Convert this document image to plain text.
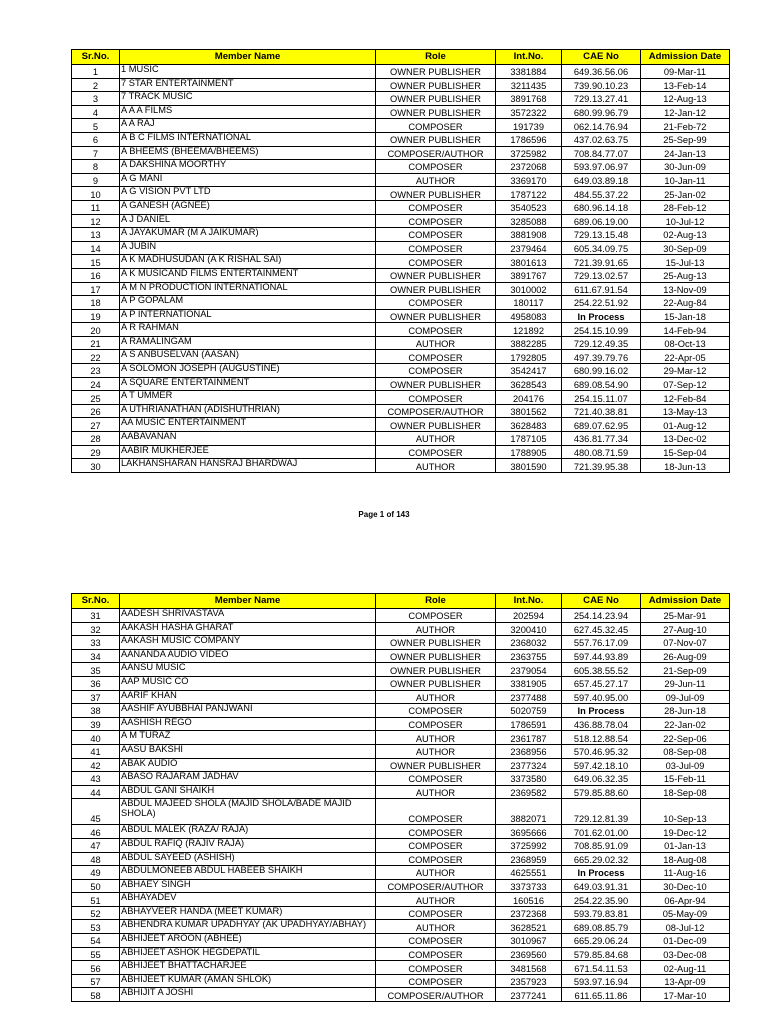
Sr.No.	Member Name	Role	Int.No.	CAE No	Admission Date
1	1 MUSIC	OWNER PUBLISHER	3381884	649.36.56.06	09-Mar-11
2	7 STAR ENTERTAINMENT	OWNER PUBLISHER	3211435	739.90.10.23	13-Feb-14
3	7 TRACK MUSIC	OWNER PUBLISHER	3891768	729.13.27.41	12-Aug-13
4	A A A FILMS	OWNER PUBLISHER	3572322	680.99.96.79	12-Jan-12
5	A A RAJ	COMPOSER	191739	062.14.76.94	21-Feb-72
6	A B C FILMS INTERNATIONAL	OWNER PUBLISHER	1786596	437.02.63.75	25-Sep-99
7	A BHEEMS (BHEEMA/BHEEMS)	COMPOSER/AUTHOR	3725982	708.84.77.07	24-Jan-13
8	A DAKSHINA MOORTHY	COMPOSER	2372068	593.97.06.97	30-Jun-09
9	A G MANI	AUTHOR	3369170	649.03.89.18	10-Jan-11
10	A G VISION PVT LTD	OWNER PUBLISHER	1787122	484.55.37.22	25-Jan-02
11	A GANESH (AGNEE)	COMPOSER	3540523	680.96.14.18	28-Feb-12
12	A J DANIEL	COMPOSER	3285088	689.06.19.00	10-Jul-12
13	A JAYAKUMAR (M A JAIKUMAR)	COMPOSER	3881908	729.13.15.48	02-Aug-13
14	A JUBIN	COMPOSER	2379464	605.34.09.75	30-Sep-09
15	A K MADHUSUDAN (A K RISHAL SAI)	COMPOSER	3801613	721.39.91.65	15-Jul-13
16	A K MUSICAND FILMS ENTERTAINMENT	OWNER PUBLISHER	3891767	729.13.02.57	25-Aug-13
17	A M N PRODUCTION INTERNATIONAL	OWNER PUBLISHER	3010002	611.67.91.54	13-Nov-09
18	A P GOPALAM	COMPOSER	180117	254.22.51.92	22-Aug-84
19	A P INTERNATIONAL	OWNER PUBLISHER	4958083	In Process	15-Jan-18
20	A R RAHMAN	COMPOSER	121892	254.15.10.99	14-Feb-94
21	A RAMALINGAM	AUTHOR	3882285	729.12.49.35	08-Oct-13
22	A S ANBUSELVAN (AASAN)	COMPOSER	1792805	497.39.79.76	22-Apr-05
23	A SOLOMON JOSEPH (AUGUSTINE)	COMPOSER	3542417	680.99.16.02	29-Mar-12
24	A SQUARE ENTERTAINMENT	OWNER PUBLISHER	3628543	689.08.54.90	07-Sep-12
25	A T UMMER	COMPOSER	204176	254.15.11.07	12-Feb-84
26	A UTHRIANATHAN (ADISHUTHRIAN)	COMPOSER/AUTHOR	3801562	721.40.38.81	13-May-13
27	AA MUSIC ENTERTAINMENT	OWNER PUBLISHER	3628483	689.07.62.95	01-Aug-12
28	AABAVANAN	AUTHOR	1787105	436.81.77.34	13-Dec-02
29	AABIR MUKHERJEE	COMPOSER	1788905	480.08.71.59	15-Sep-04
30	LAKHANSHARAN HANSRAJ BHARDWAJ	AUTHOR	3801590	721.39.95.38	18-Jun-13
Page 1 of 143
Sr.No.	Member Name	Role	Int.No.	CAE No	Admission Date
31	AADESH SHRIVASTAVA	COMPOSER	202594	254.14.23.94	25-Mar-91
32	AAKASH HASHA GHARAT	AUTHOR	3200410	627.45.32.45	27-Aug-10
33	AAKASH MUSIC COMPANY	OWNER PUBLISHER	2368032	557.76.17.09	07-Nov-07
34	AANANDA AUDIO VIDEO	OWNER PUBLISHER	2363755	597.44.93.89	26-Aug-09
35	AANSU MUSIC	OWNER PUBLISHER	2379054	605.38.55.52	21-Sep-09
36	AAP MUSIC CO	OWNER PUBLISHER	3381905	657.45.27.17	29-Jun-11
37	AARIF KHAN	AUTHOR	2377488	597.40.95.00	09-Jul-09
38	AASHIF AYUBBHAI PANJWANI	COMPOSER	5020759	In Process	28-Jun-18
39	AASHISH REGO	COMPOSER	1786591	436.88.78.04	22-Jan-02
40	A M TURAZ	AUTHOR	2361787	518.12.88.54	22-Sep-06
41	AASU BAKSHI	AUTHOR	2368956	570.46.95.32	08-Sep-08
42	ABAK AUDIO	OWNER PUBLISHER	2377324	597.42.18.10	03-Jul-09
43	ABASO RAJARAM JADHAV	COMPOSER	3373580	649.06.32.35	15-Feb-11
44	ABDUL GANI SHAIKH	AUTHOR	2369582	579.85.88.60	18-Sep-08
45	ABDUL MAJEED SHOLA (MAJID SHOLA/BADE MAJID SHOLA)	COMPOSER	3882071	729.12.81.39	10-Sep-13
46	ABDUL MALEK (RAZA/ RAJA)	COMPOSER	3695666	701.62.01.00	19-Dec-12
47	ABDUL RAFIQ (RAJIV RAJA)	COMPOSER	3725992	708.85.91.09	01-Jan-13
48	ABDUL SAYEED (ASHISH)	COMPOSER	2368959	665.29.02.32	18-Aug-08
49	ABDULMONEEB ABDUL HABEEB SHAIKH	AUTHOR	4625551	In Process	11-Aug-16
50	ABHAEY SINGH	COMPOSER/AUTHOR	3373733	649.03.91.31	30-Dec-10
51	ABHAYADEV	AUTHOR	160516	254.22.35.90	06-Apr-94
52	ABHAYVEER HANDA (MEET KUMAR)	COMPOSER	2372368	593.79.83.81	05-May-09
53	ABHENDRA KUMAR UPADHYAY (AK UPADHYAY/ABHAY)	AUTHOR	3628521	689.08.85.79	08-Jul-12
54	ABHIJEET AROON (ABHEE)	COMPOSER	3010967	665.29.06.24	01-Dec-09
55	ABHIJEET ASHOK HEGDEPATIL	COMPOSER	2369560	579.85.84.68	03-Dec-08
56	ABHIJEET BHATTACHARJEE	COMPOSER	3481568	671.54.11.53	02-Aug-11
57	ABHIJEET KUMAR (AMAN SHLOK)	COMPOSER	2357923	593.97.16.94	13-Apr-09
58	ABHIJIT A JOSHI	COMPOSER/AUTHOR	2377241	611.65.11.86	17-Mar-10
